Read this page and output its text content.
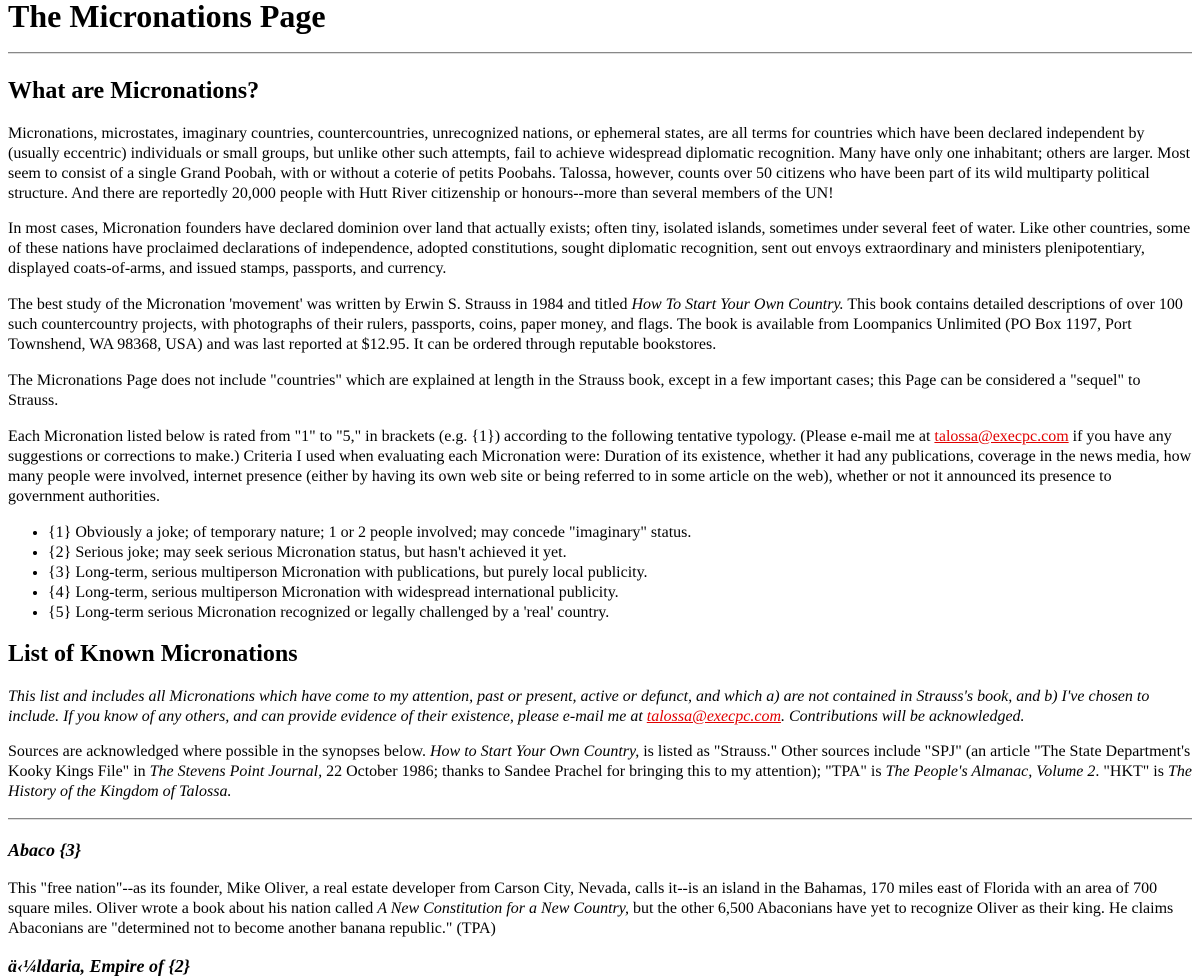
The Micronations Page
What are Micronations?

Micronations, microstates, imaginary countries, countercountries, unrecognized nations, or ephemeral states, are all terms for countries which have been declared independent by (usually eccentric) individuals or small groups, but unlike other such attempts, fail to achieve widespread diplomatic recognition. Many have only one inhabitant; others are larger. Most seem to consist of a single Grand Poobah, with or without a coterie of petits Poobahs. Talossa, however, counts over 50 citizens who have been part of its wild multiparty political structure. And there are reportedly 20,000 people with Hutt River citizenship or honours--more than several members of the UN!

In most cases, Micronation founders have declared dominion over land that actually exists; often tiny, isolated islands, sometimes under several feet of water. Like other countries, some of these nations have proclaimed declarations of independence, adopted constitutions, sought diplomatic recognition, sent out envoys extraordinary and ministers plenipotentiary, displayed coats-of-arms, and issued stamps, passports, and currency.

The best study of the Micronation 'movement' was written by Erwin S. Strauss in 1984 and titled How To Start Your Own Country. This book contains detailed descriptions of over 100 such countercountry projects, with photographs of their rulers, passports, coins, paper money, and flags. The book is available from Loompanics Unlimited (PO Box 1197, Port Townshend, WA 98368, USA) and was last reported at $12.95. It can be ordered through reputable bookstores.

The Micronations Page does not include "countries" which are explained at length in the Strauss book, except in a few important cases; this Page can be considered a "sequel" to Strauss.

Each Micronation listed below is rated from "1" to "5," in brackets (e.g. {1}) according to the following tentative typology. (Please e-mail me at talossa@execpc.com if you have any suggestions or corrections to make.) Criteria I used when evaluating each Micronation were: Duration of its existence, whether it had any publications, coverage in the news media, how many people were involved, internet presence (either by having its own web site or being referred to in some article on the web), whether or not it announced its presence to government authorities.

• {1} Obviously a joke; of temporary nature; 1 or 2 people involved; may concede "imaginary" status.
• {2} Serious joke; may seek serious Micronation status, but hasn't achieved it yet.
• {3} Long-term, serious multiperson Micronation with publications, but purely local publicity.
• {4} Long-term, serious multiperson Micronation with widespread international publicity.
• {5} Long-term serious Micronation recognized or legally challenged by a 'real' country.
List of Known Micronations

This list and includes all Micronations which have come to my attention, past or present, active or defunct, and which a) are not contained in Strauss's book, and b) I've chosen to include. If you know of any others, and can provide evidence of their existence, please e-mail me at talossa@execpc.com. Contributions will be acknowledged.

Sources are acknowledged where possible in the synopses below. How to Start Your Own Country, is listed as "Strauss." Other sources include "SPJ" (an article "The State Department's Kooky Kings File" in The Stevens Point Journal, 22 October 1986; thanks to Sandee Prachel for bringing this to my attention); "TPA" is The People's Almanac, Volume 2. "HKT" is The History of the Kingdom of Talossa.

Abaco {3}

This "free nation"--as its founder, Mike Oliver, a real estate developer from Carson City, Nevada, calls it--is an island in the Bahamas, 170 miles east of Florida with an area of 700 square miles. Oliver wrote a book about his nation called A New Constitution for a New Country, but the other 6,500 Abaconians have yet to recognize Oliver as their king. He claims Abaconians are "determined not to become another banana republic." (TPA)

ä‹¼ldaria, Empire of {2}
